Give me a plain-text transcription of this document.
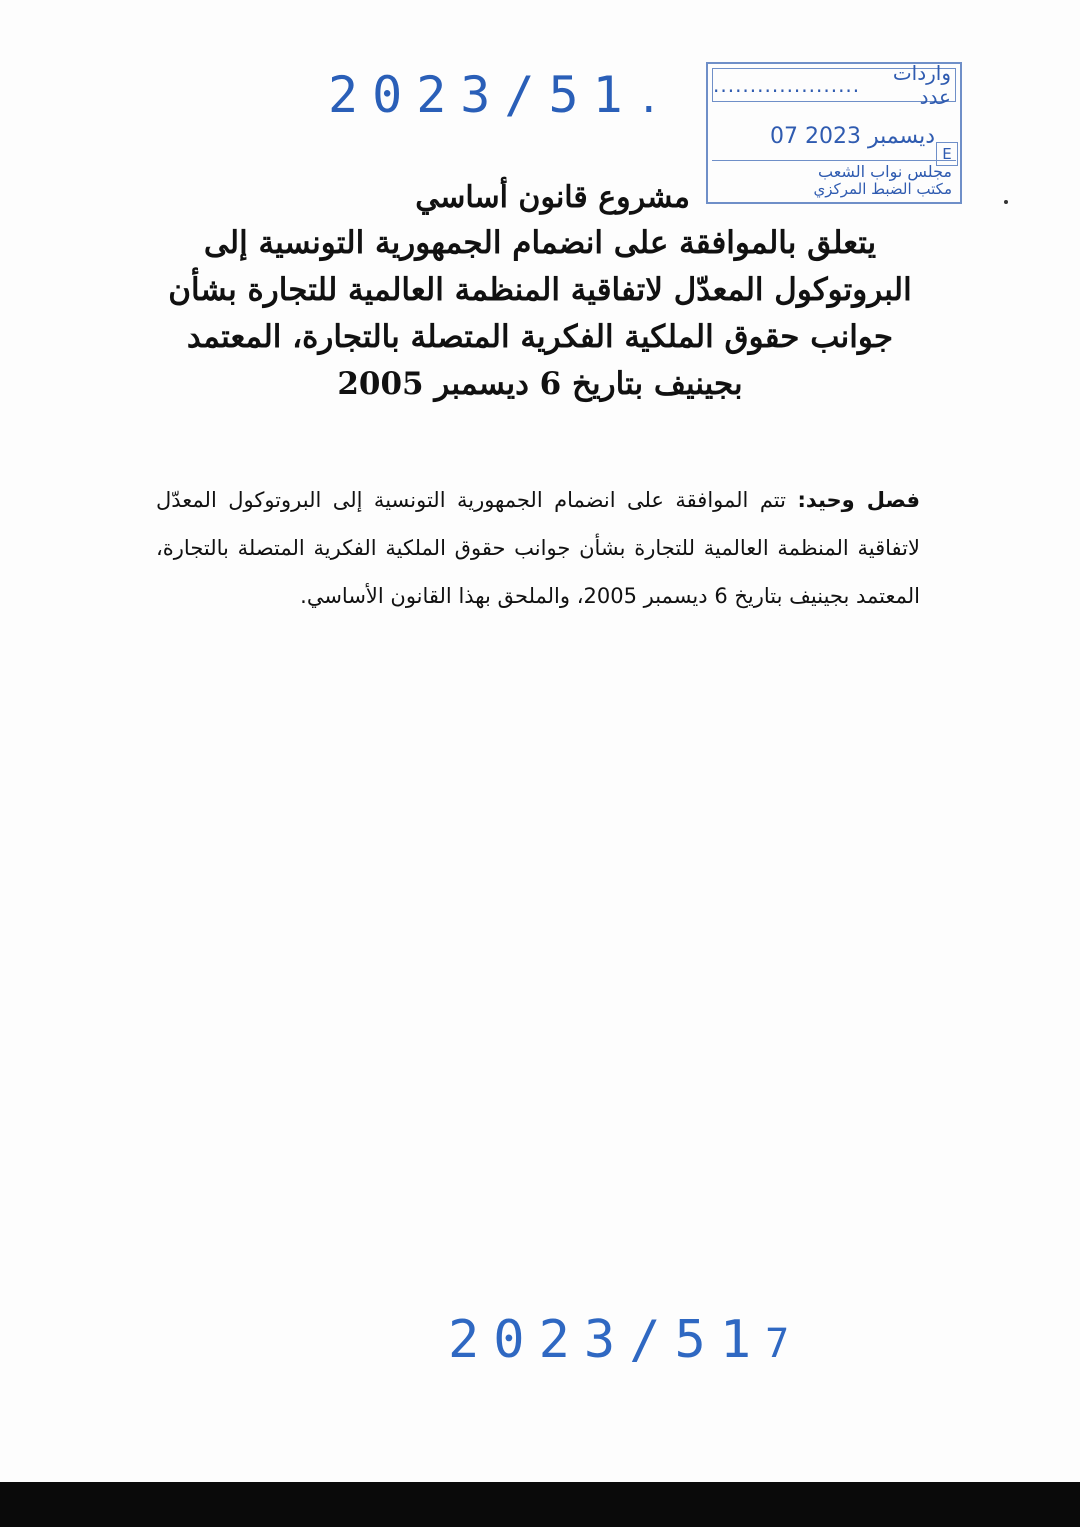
2023/51.
واردات عدد
....................
07 ديسمبر 2023
E
مجلس نواب الشعب
مكتب الضبط المركزي
مشروع قانون أساسي
يتعلق بالموافقة على انضمام الجمهورية التونسية إلى البروتوكول المعدّل لاتفاقية المنظمة العالمية للتجارة بشأن جوانب حقوق الملكية الفكرية المتصلة بالتجارة، المعتمد بجينيف بتاريخ 6 ديسمبر 2005
فصل وحيد: تتم الموافقة على انضمام الجمهورية التونسية إلى البروتوكول المعدّل لاتفاقية المنظمة العالمية للتجارة بشأن جوانب حقوق الملكية الفكرية المتصلة بالتجارة، المعتمد بجينيف بتاريخ 6 ديسمبر 2005، والملحق بهذا القانون الأساسي.
2023/517
